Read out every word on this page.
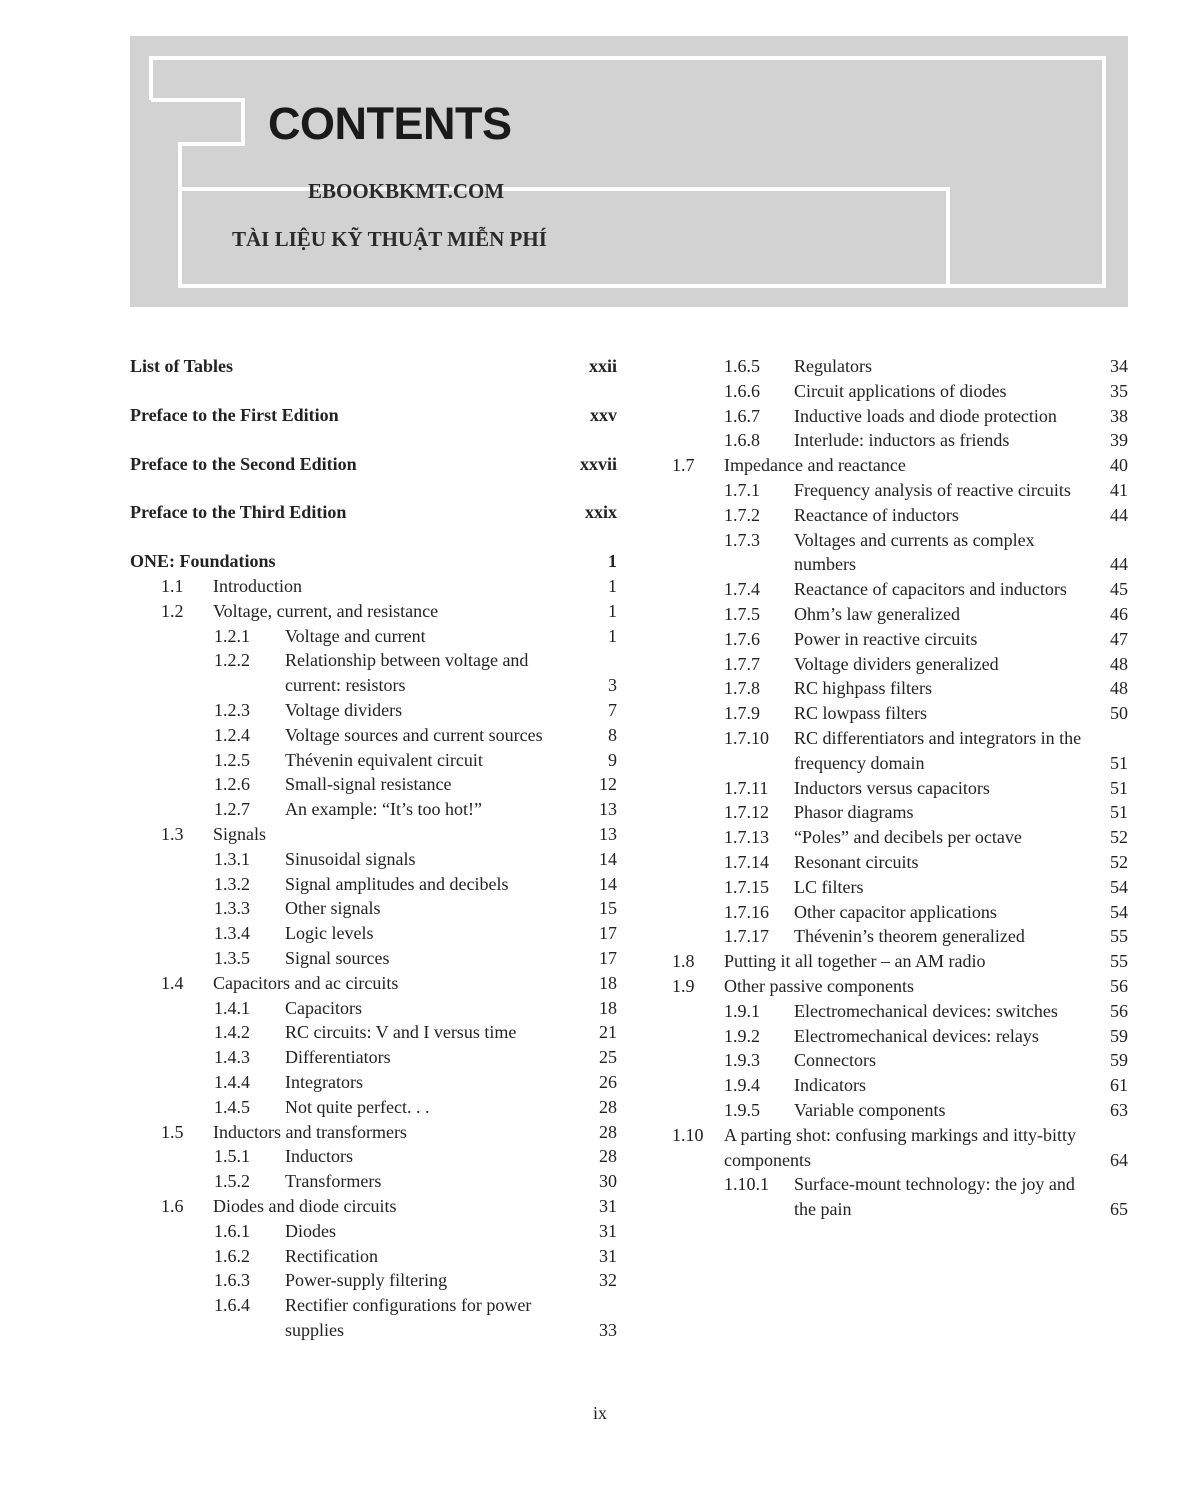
CONTENTS
EBOOKBKMT.COM
TÀI LIỆU KỸ THUẬT MIỄN PHÍ
List of Tables	xxii
Preface to the First Edition	xxv
Preface to the Second Edition	xxvii
Preface to the Third Edition	xxix
ONE: Foundations	1
1.1 Introduction	1
1.2 Voltage, current, and resistance	1
1.2.1 Voltage and current	1
1.2.2 Relationship between voltage and current: resistors	3
1.2.3 Voltage dividers	7
1.2.4 Voltage sources and current sources	8
1.2.5 Thévenin equivalent circuit	9
1.2.6 Small-signal resistance	12
1.2.7 An example: “It’s too hot!”	13
1.3 Signals	13
1.3.1 Sinusoidal signals	14
1.3.2 Signal amplitudes and decibels	14
1.3.3 Other signals	15
1.3.4 Logic levels	17
1.3.5 Signal sources	17
1.4 Capacitors and ac circuits	18
1.4.1 Capacitors	18
1.4.2 RC circuits: V and I versus time	21
1.4.3 Differentiators	25
1.4.4 Integrators	26
1.4.5 Not quite perfect. . .	28
1.5 Inductors and transformers	28
1.5.1 Inductors	28
1.5.2 Transformers	30
1.6 Diodes and diode circuits	31
1.6.1 Diodes	31
1.6.2 Rectification	31
1.6.3 Power-supply filtering	32
1.6.4 Rectifier configurations for power supplies	33
1.6.5 Regulators	34
1.6.6 Circuit applications of diodes	35
1.6.7 Inductive loads and diode protection	38
1.6.8 Interlude: inductors as friends	39
1.7 Impedance and reactance	40
1.7.1 Frequency analysis of reactive circuits	41
1.7.2 Reactance of inductors	44
1.7.3 Voltages and currents as complex numbers	44
1.7.4 Reactance of capacitors and inductors	45
1.7.5 Ohm’s law generalized	46
1.7.6 Power in reactive circuits	47
1.7.7 Voltage dividers generalized	48
1.7.8 RC highpass filters	48
1.7.9 RC lowpass filters	50
1.7.10 RC differentiators and integrators in the frequency domain	51
1.7.11 Inductors versus capacitors	51
1.7.12 Phasor diagrams	51
1.7.13 “Poles” and decibels per octave	52
1.7.14 Resonant circuits	52
1.7.15 LC filters	54
1.7.16 Other capacitor applications	54
1.7.17 Thévenin’s theorem generalized	55
1.8 Putting it all together – an AM radio	55
1.9 Other passive components	56
1.9.1 Electromechanical devices: switches	56
1.9.2 Electromechanical devices: relays	59
1.9.3 Connectors	59
1.9.4 Indicators	61
1.9.5 Variable components	63
1.10 A parting shot: confusing markings and itty-bitty components	64
1.10.1 Surface-mount technology: the joy and the pain	65
ix
